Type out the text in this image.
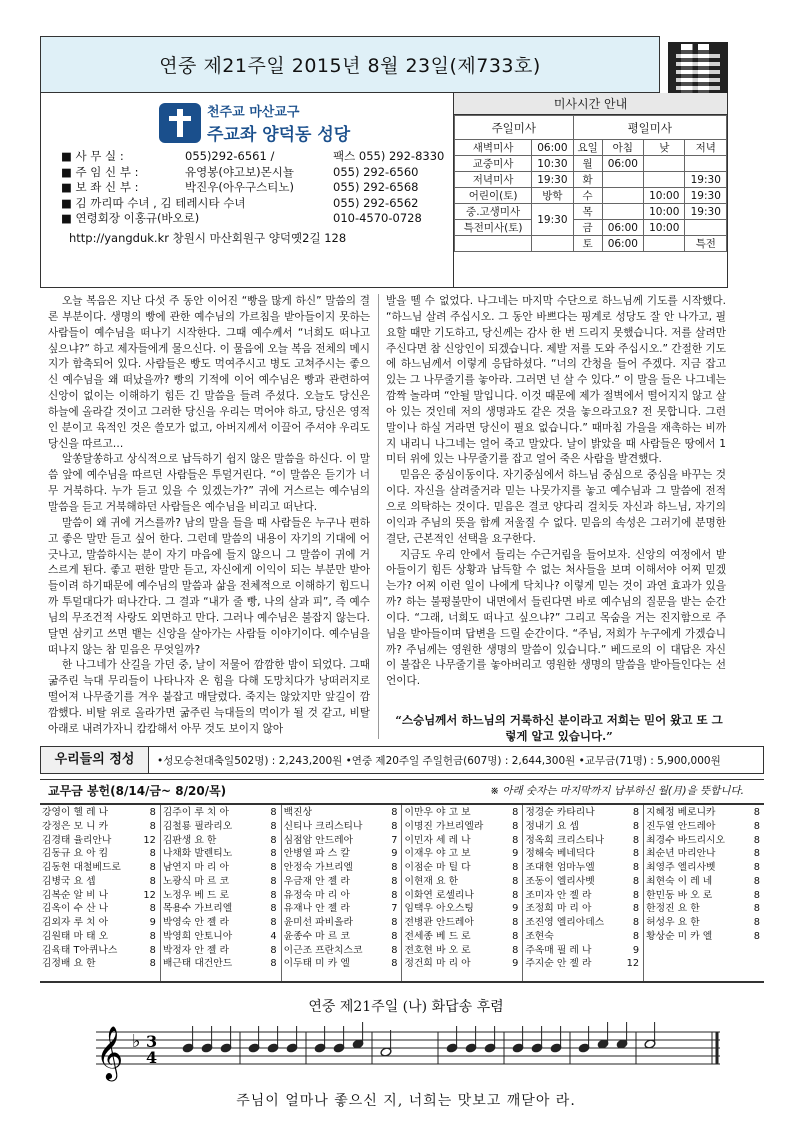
연중 제21주일 2015년 8월 23일(제733호)
천주교 마산교구
주교좌 양덕동 성당
■ 사 무 실 :	055)292-6561 /	팩스 055) 292-8330
■ 주 임 신 부 :	유영봉(야고보)몬시뇰	055) 292-6560
■ 보 좌 신 부 :	박진우(아우구스티노)	055) 292-6568
■ 김 까리따 수녀 , 김 테레시타 수녀	055) 292-6562
■ 연령회장 이홍규(바오로)	010-4570-0728
http://yangduk.kr 창원시 마산회원구 양덕옛2길 128
미사시간 안내
주일미사		평일미사			
새벽미사	06:00	요일	아침	낮	저녁
교중미사	10:30	월	06:00		
저녁미사	19:30	화			19:30
어린이(토)	방학	수		10:00	19:30
중.고생미사	19:30	목		10:00	19:30
특전미사(토)		금	06:00	10:00	
		토	06:00		특전

오늘 복음은 지난 다섯 주 동안 이어진 “빵을 많게 하신” 말씀의 결론 부분이다. 생명의 빵에 관한 예수님의 가르침을 받아들이지 못하는 사람들이 예수님을 떠나기 시작한다. 그때 예수께서 “너희도 떠나고 싶으냐?” 하고 제자들에게 물으신다. 이 물음에 오늘 복음 전체의 메시지가 함축되어 있다. 사람들은 빵도 먹여주시고 병도 고쳐주시는 좋으신 예수님을 왜 떠났을까? 빵의 기적에 이어 예수님은 빵과 관련하여 신앙이 없이는 이해하기 힘든 긴 말씀을 들려 주셨다. 오늘도 당신은 하늘에 올라갈 것이고 그러한 당신을 우리는 먹어야 하고, 당신은 영적인 분이고 육적인 것은 쓸모가 없고, 아버지께서 이끌어 주셔야 우리도 당신을 따르고…

알쏭달쏭하고 상식적으로 납득하기 쉽지 않은 말씀을 하신다. 이 말씀 앞에 예수님을 따르던 사람들은 투덜거린다. “이 말씀은 듣기가 너무 거북하다. 누가 듣고 있을 수 있겠는가?” 귀에 거스르는 예수님의 말씀을 듣고 거북해하던 사람들은 예수님을 비리고 떠난다.

말씀이 왜 귀에 거스를까? 남의 말을 들을 때 사람들은 누구나 편하고 좋은 말만 듣고 싶어 한다. 그런데 말씀의 내용이 자기의 기대에 어긋나고, 말씀하시는 분이 자기 마음에 들지 않으니 그 말씀이 귀에 거스르게 된다. 좋고 편한 말만 듣고, 자신에게 이익이 되는 부분만 받아들이려 하기때문에 예수님의 말씀과 삶을 전체적으로 이해하기 힘드니까 투덜대다가 떠나간다. 그 결과 “내가 줄 빵, 나의 살과 피”, 즉 예수님의 무조건적 사랑도 외면하고 만다. 그러나 예수님은 불잡지 않는다. 달면 삼키고 쓰면 뱉는 신앙을 살아가는 사람들 이야기이다. 예수님을 떠나지 않는 참 믿음은 무엇일까?

한 나그네가 산길을 가던 중, 날이 저물어 깜깜한 밤이 되었다. 그때 굶주린 늑대 무리들이 나타나자 온 힘을 다해 도망치다가 낭떠러지로 떨어져 나무줄기를 겨우 붙잡고 매달렸다. 죽지는 않았지만 앞길이 깜깜했다. 비탈 위로 올라가면 굶주린 늑대들의 먹이가 될 것 같고, 비탈 아래로 내려가자니 캄캄해서 아무 것도 보이지 않아

발을 뗄 수 없었다. 나그네는 마지막 수단으로 하느님께 기도를 시작했다. “하느님 살려 주십시오. 그 동안 바쁘다는 핑계로 성당도 잘 안 나가고, 필요할 때만 기도하고, 당신께는 감사 한 번 드리지 못했습니다. 저를 살려만 주신다면 참 신앙인이 되겠습니다. 제발 저를 도와 주십시오.” 간절한 기도에 하느님께서 이렇게 응답하셨다. “너의 간청을 들어 주겠다. 지금 잡고 있는 그 나무줄기를 놓아라. 그러면 넌 살 수 있다.” 이 말을 들은 나그네는 깜짝 놀라며 “안될 말입니다. 이것 때문에 제가 절벽에서 떨어지지 않고 살아 있는 것인데 저의 생명과도 같은 것을 놓으라고요? 전 못합니다. 그런 말이나 하실 거라면 당신이 필요 없습니다.” 때마침 가을을 재촉하는 비까지 내리니 나그네는 얼어 죽고 말았다. 날이 밝았을 때 사람들은 땅에서 1미터 위에 있는 나무줄기를 잡고 얼어 죽은 사람을 발견했다.

믿음은 중심이동이다. 자기중심에서 하느님 중심으로 중심을 바꾸는 것이다. 자신을 살려줄거라 믿는 나뭇가지를 놓고 예수님과 그 말씀에 전적으로 의탁하는 것이다. 믿음은 결코 양다리 걸치듯 자신과 하느님, 자기의 이익과 주님의 뜻을 함께 저울질 수 없다. 믿음의 속성은 그러기에 분명한 결단, 근본적인 선택을 요구한다.

지금도 우리 안에서 들리는 수근거림을 들어보자. 신앙의 여정에서 받아들이기 힘든 상황과 납득할 수 없는 처사들을 보며 이해서야 어찌 믿겠는가? 어찌 이런 일이 나에게 닥치나? 이렇게 믿는 것이 과연 효과가 있을까? 하는 불평불만이 내면에서 들린다면 바로 예수님의 질문을 받는 순간이다. “그래, 너희도 떠나고 싶으냐?” 그리고 목숨을 거는 진지함으로 주님을 받아들이며 답변을 드릴 순간이다. “주님, 저희가 누구에게 가겠습니까? 주님께는 영원한 생명의 말씀이 있습니다.” 베드로의 이 대답은 자신이 불잡은 나무줄기를 놓아버리고 영원한 생명의 말씀을 받아들인다는 선언이다.

“스승님께서 하느님의 거룩하신 분이라고 저희는 믿어 왔고 또 그렇게 알고 있습니다.”
우리들의 정성	•성모승천대축일502명) : 2,243,200원 •연중 제20주일 주일헌금(607명) : 2,644,300원 •교무금(71명) : 5,900,000원
교무금 봉헌(8/14/금~ 8/20/목)	※ 아래 숫자는 마지막까지 납부하신 월(月)을 뜻합니다.
강영이 헬 레 나	8
강정은 모 니 카	8
김경태 율리안나	12
김동규 요 아 킴	8
김동현 대철베드로	8
김병국 요 셉	8
김복순 알 비 나	12
김옥이 수 산 나	8
김외자 루 치 아	9
김원태 마 태 오	8
김육태 T아퀴나스	8
김정배 요 한	8
김주이 루 치 아	8
김철룡 필라리오	8
김판생 요 한	8
나채화 발렌티노	8
남연지 마 리 아	8
노광식 마 르 코	8
노정우 베 드 로	8
목용수 가브리엘	8
박영숙 안 젤 라	8
박영희 안토니아	4
박정자 안 젤 라	8
배근태 대건안드	8
백진상	8
신티나 크리스티나	8
심점암 안드레아	7
안병열 파 스 칼	9
안정숙 가브리엘	8
우금재 안 젤 라	8
유정숙 마 리 아	8
유재나 안 젤 라	7
윤미선 파비올라	8
윤종수 마 르 코	8
이근조 프란치스코	8
이두태 미 카 엘	8
이만우 야 고 보	8
이명진 가브리엘라	8
이민자 세 레 나	8
이재우 야 고 보	9
이점순 마 틸 다	8
이현재 요 한	8
이화연 로셀리나	8
임택우 아오스팅	9
전병관 안드레아	8
전세종 베 드 로	8
전호현 바 오 로	8
정건희 마 리 아	9
정경순 카타리나	8
정내기 요 셉	8
정옥희 크리스티나	8
정해숙 베네딕다	8
조대현 엄마누엘	8
조동이 엘리사벳	8
조미자 안 젤 라	8
조정희 마 리 아	8
조진영 엘리아데스	8
조현숙	8
주옥매 필 레 나	9
주지순 안 젤 라	12
지혜정 베로니카	8
진두열 안드레아	8
최경수 바드리시오	8
최순년 마리안나	8
최영주 엘리사벳	8
최현숙 이 레 네	8
한민동 바 오 로	8
한정진 요 한	8
허성우 요 한	8
황상순 미 카 엘	8
연중 제21주일 (나) 화답송 후렴
𝄞 ♭ 3
4
주님이 얼마나 좋으신 지, 너희는 맛보고 깨닫아 라.
